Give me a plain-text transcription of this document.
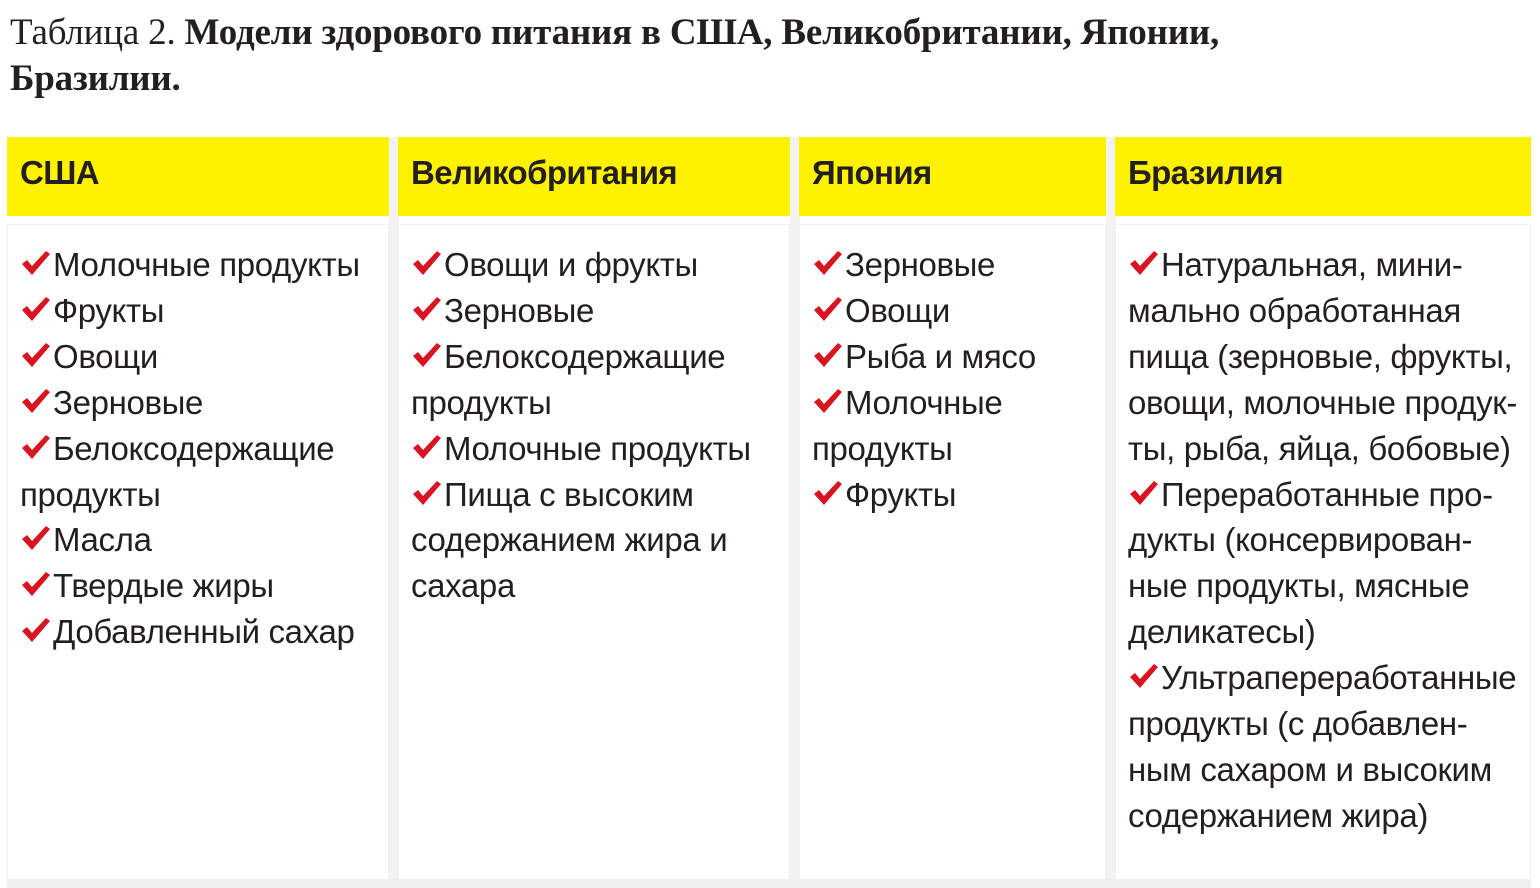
Таблица 2. Модели здорового питания в США, Великобритании, Японии,
Бразилии.
США
Молочные продукты
Фрукты
Овощи
Зерновые
Белоксодержащие
продукты
Масла
Твердые жиры
Добавленный сахар
Великобритания
Овощи и фрукты
Зерновые
Белоксодержащие
продукты
Молочные продукты
Пища с высоким
содержанием жира и
сахара
Япония
Зерновые
Овощи
Рыба и мясо
Молочные
продукты
Фрукты
Бразилия
Натуральная, мини-
мально обработанная
пища (зерновые, фрукты,
овощи, молочные продук-
ты, рыба, яйца, бобовые)
Переработанные про-
дукты (консервирован-
ные продукты, мясные
деликатесы)
Ультрапереработанные
продукты (с добавлен-
ным сахаром и высоким
содержанием жира)
